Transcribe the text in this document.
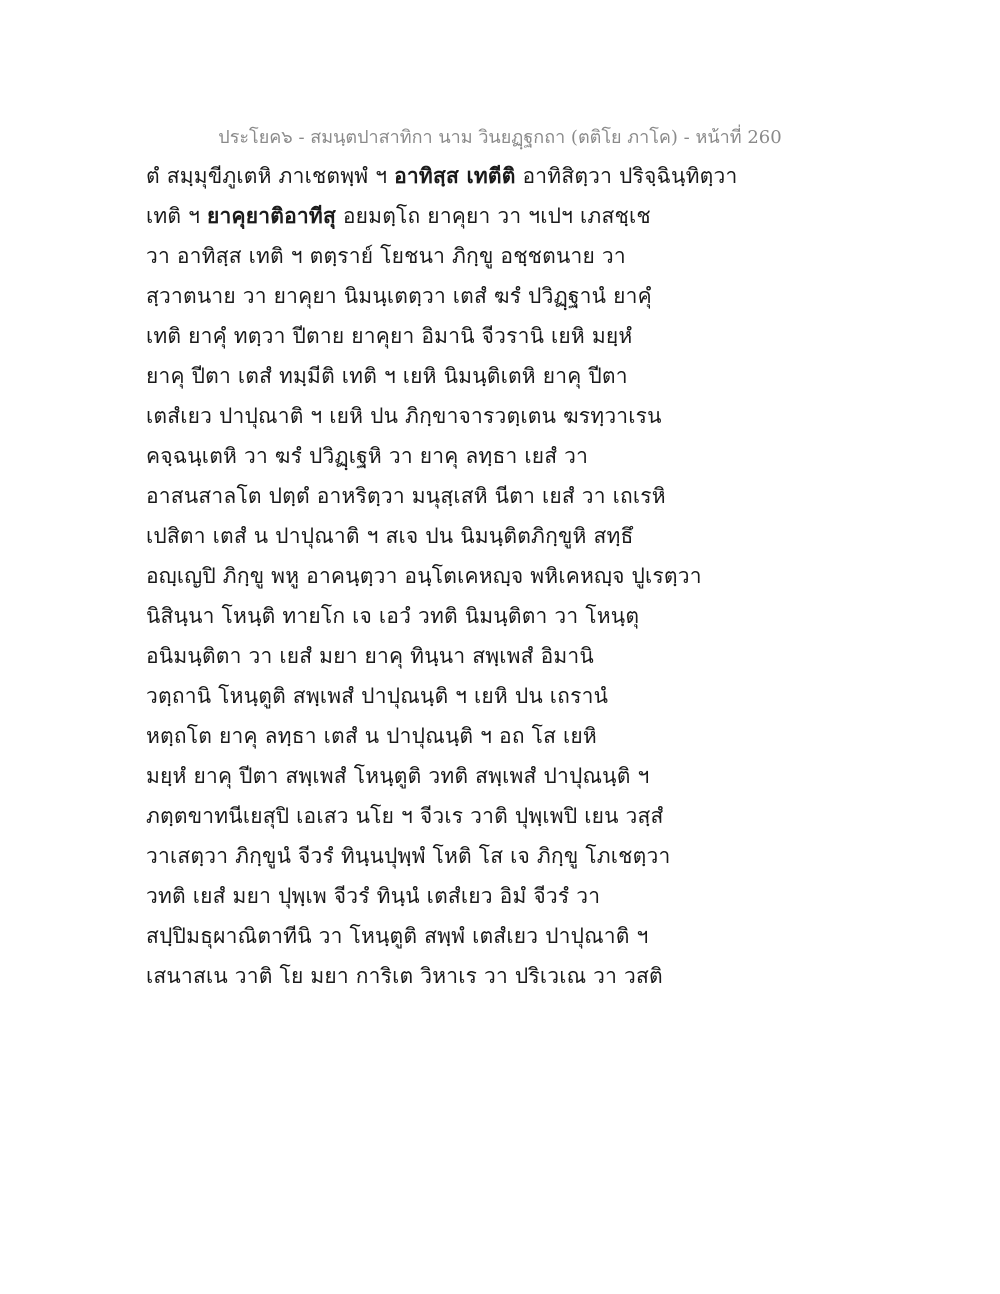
ประโยค๖ - สมนฺตปาสาทิกา นาม วินยฏฺฐกถา (ตติโย ภาโค) - หน้าที่ 260
ตํ สมฺมุขีภูเตหิ ภาเชตพฺพํ ฯ อาทิสฺส เทตีติ อาทิสิตฺวา ปริจฺฉินฺทิตฺวา
เทติ ฯ ยาคุยาติอาทีสุ อยมตฺโถ ยาคุยา วา ฯเปฯ เภสชฺเช
วา อาทิสฺส เทติ ฯ ตตฺราย์ โยชนา ภิกฺขู อชฺชตนาย วา
สฺวาตนาย วา ยาคุยา นิมนฺเตตฺวา เตสํ ฆรํ ปวิฏฺฐานํ ยาคุํ
เทติ ยาคุํ ทตฺวา ปีตาย ยาคุยา อิมานิ จีวรานิ เยหิ มยฺหํ
ยาคุ ปีตา เตสํ ทมฺมีติ เทติ ฯ เยหิ นิมนฺติเตหิ ยาคุ ปีตา
เตสํเยว ปาปุณาติ ฯ เยหิ ปน ภิกฺขาจารวตฺเตน ฆรทฺวาเรน
คจฺฉนฺเตหิ วา ฆรํ ปวิฏฺเฐหิ วา ยาคุ ลทฺธา เยสํ วา
อาสนสาลโต ปตฺตํ อาหริตฺวา มนุสฺเสหิ นีตา เยสํ วา เถเรหิ
เปสิตา เตสํ น ปาปุณาติ ฯ สเจ ปน นิมนฺติตภิกฺขูหิ สทฺธึ
อญฺเญปิ ภิกฺขู พหู อาคนฺตฺวา อนฺโตเคหญฺจ พหิเคหญฺจ ปูเรตฺวา
นิสินฺนา โหนฺติ ทายโก เจ เอวํ วทติ นิมนฺติตา วา โหนฺตุ
อนิมนฺติตา วา เยสํ มยา ยาคุ ทินฺนา สพฺเพสํ อิมานิ
วตฺถานิ โหนฺตูติ สพฺเพสํ ปาปุณนฺติ ฯ เยหิ ปน เถรานํ
หตฺถโต ยาคุ ลทฺธา เตสํ น ปาปุณนฺติ ฯ อถ โส เยหิ
มยฺหํ ยาคุ ปีตา สพฺเพสํ โหนฺตูติ วทติ สพฺเพสํ ปาปุณนฺติ ฯ
ภตฺตขาทนีเยสุปิ เอเสว นโย ฯ จีวเร วาติ ปุพฺเพปิ เยน วสฺสํ
วาเสตฺวา ภิกฺขูนํ จีวรํ ทินฺนปุพฺพํ โหติ โส เจ ภิกฺขู โภเชตฺวา
วทติ เยสํ มยา ปุพฺเพ จีวรํ ทินฺนํ เตสํเยว อิมํ จีวรํ วา
สปฺปิมธุผาณิตาทีนิ วา โหนฺตูติ สพฺพํ เตสํเยว ปาปุณาติ ฯ
เสนาสเน วาติ โย มยา การิเต วิหาเร วา ปริเวเณ วา วสติ
